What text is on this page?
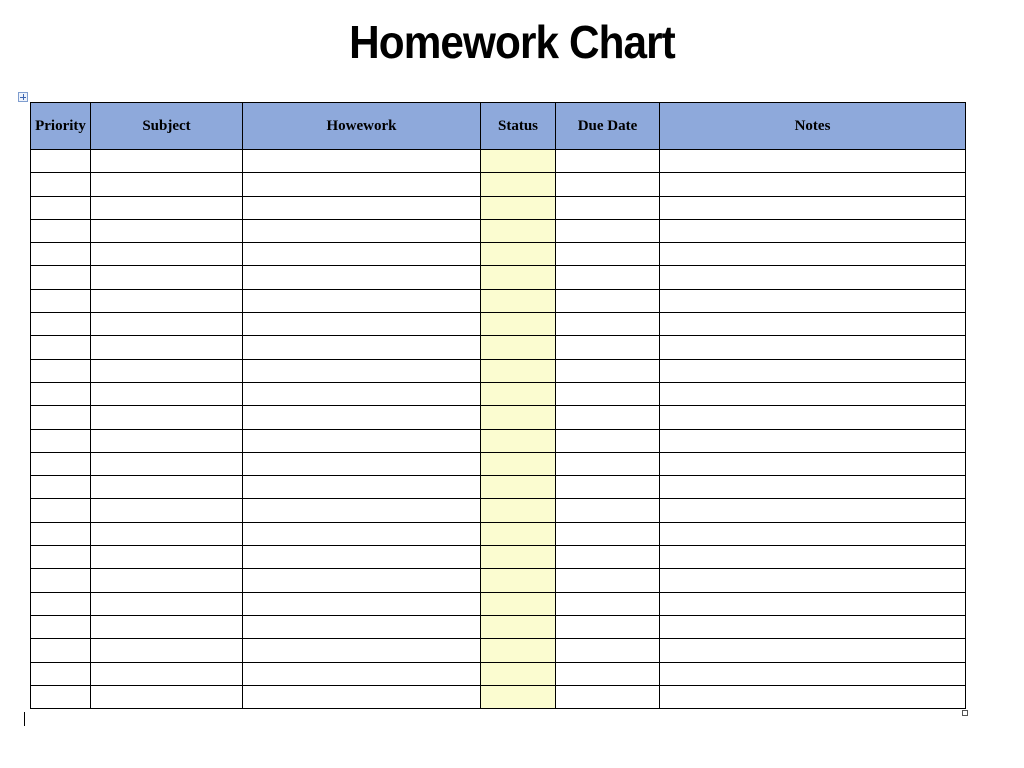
Homework Chart
Priority	Subject	Howework	Status	Due Date	Notes
